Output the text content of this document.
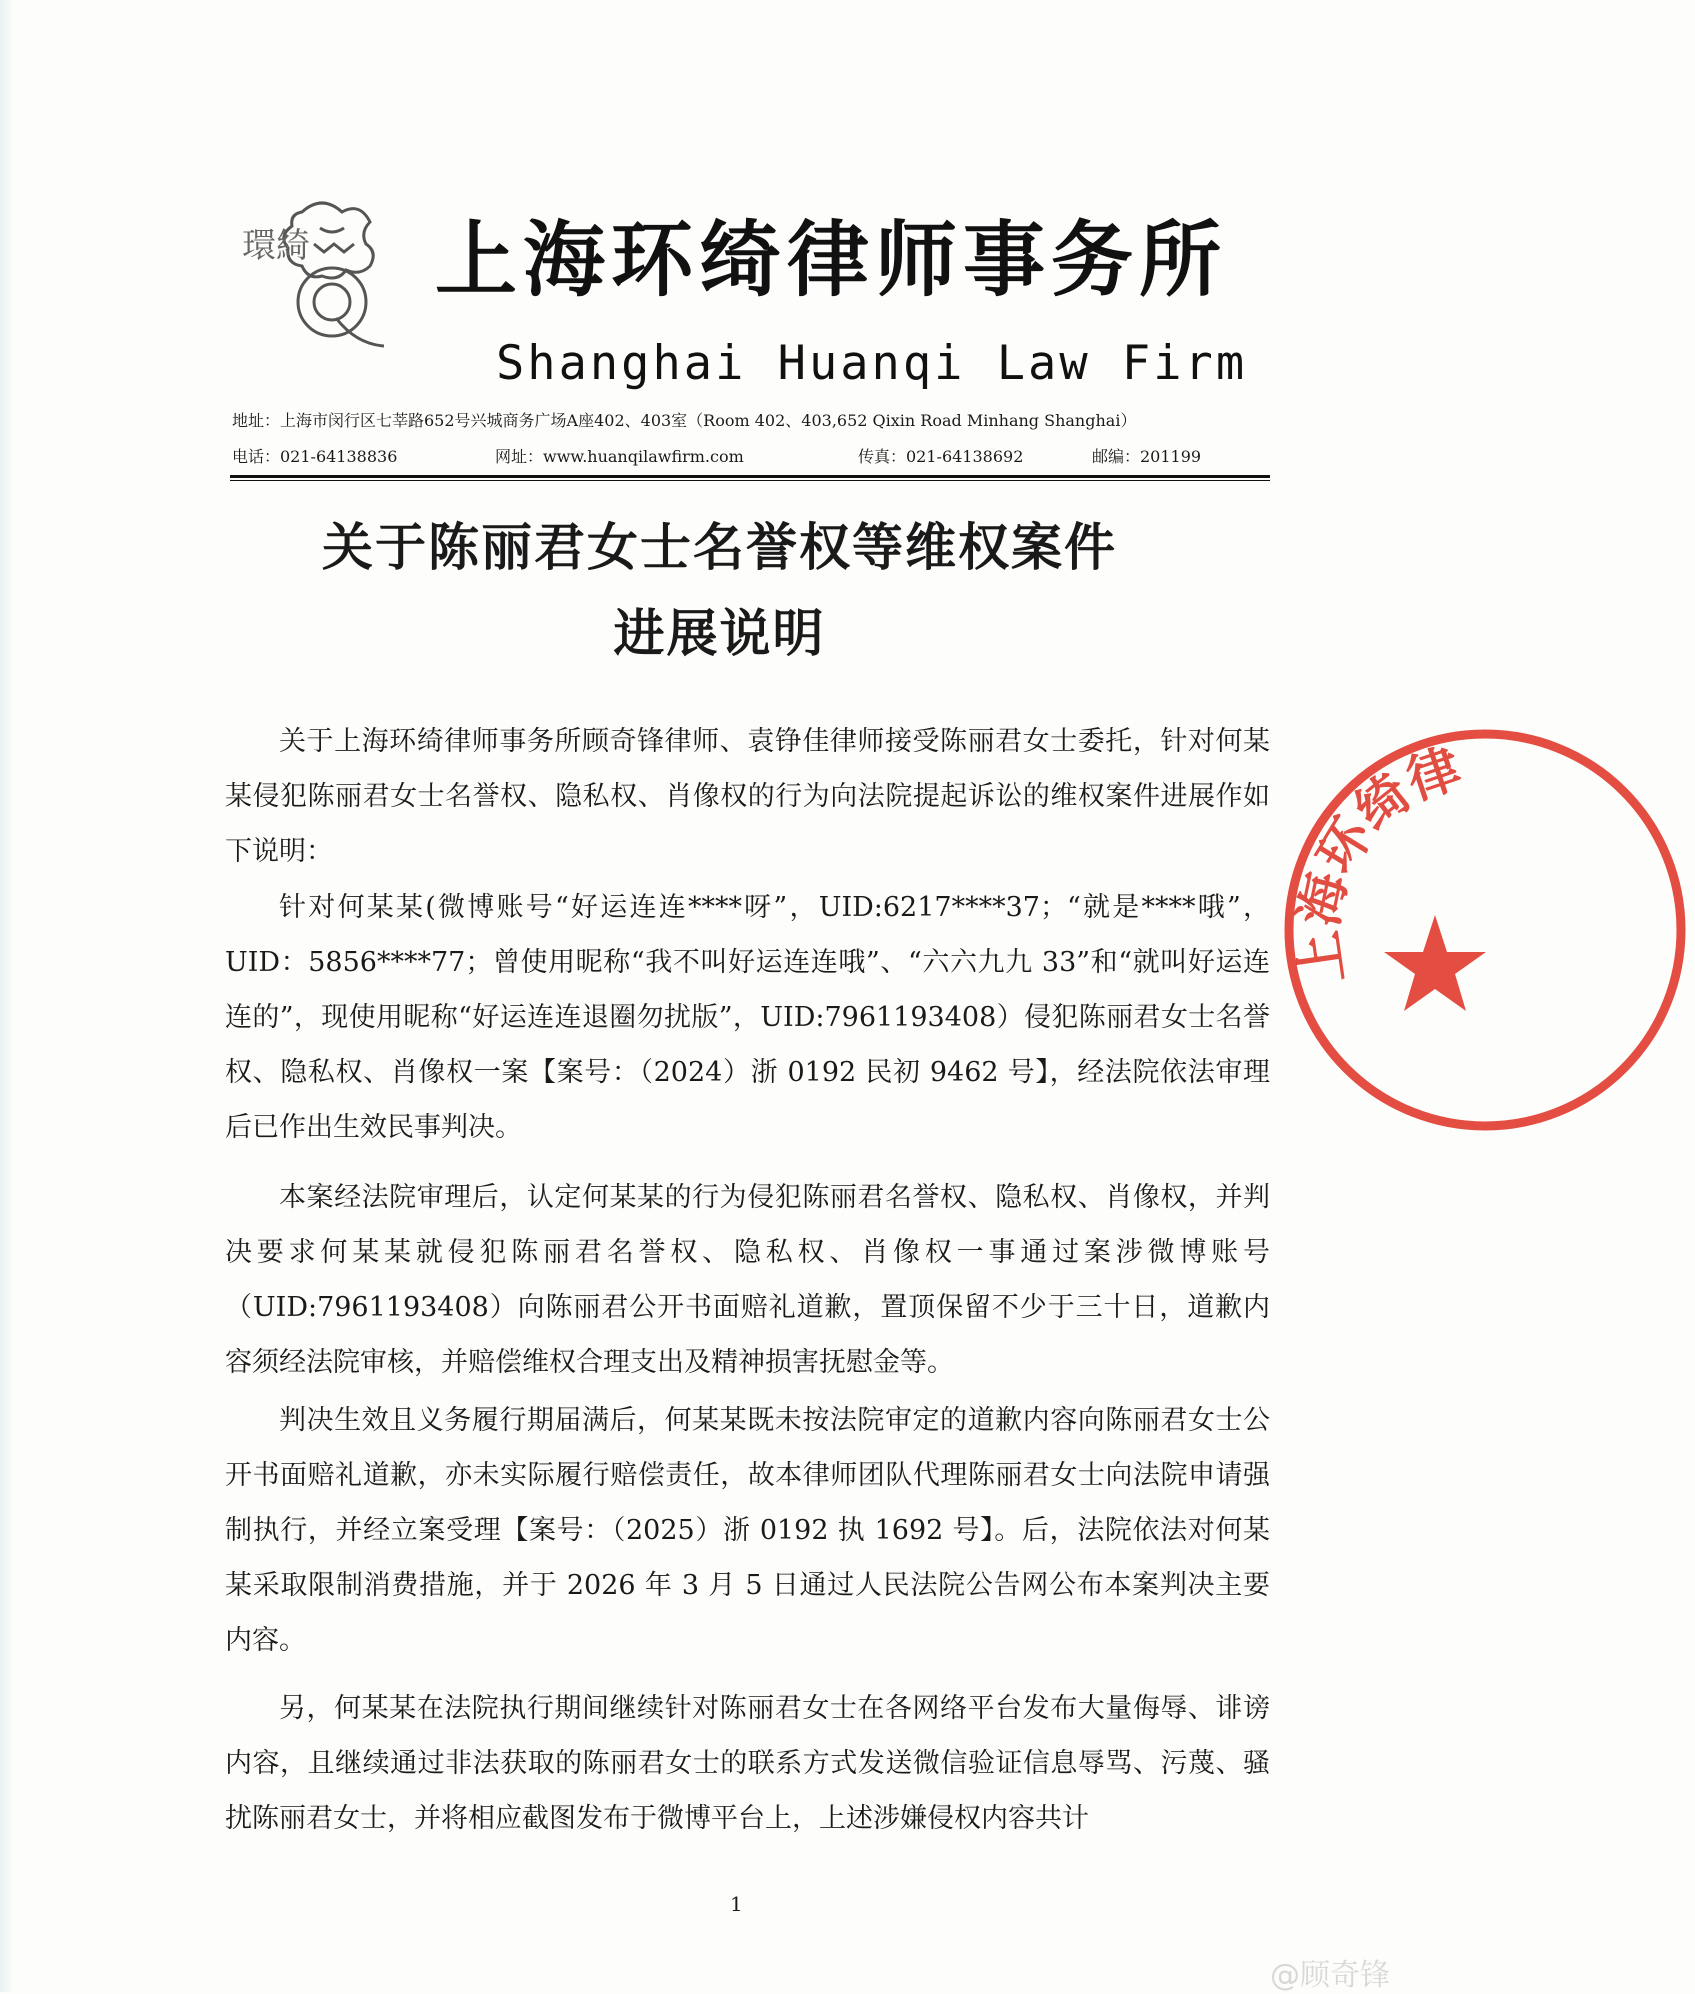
環綺 上海环绮律师事务所
Shanghai Huanqi Law Firm
地址：上海市闵行区七莘路652号兴城商务广场A座402、403室（Room 402、403,652 Qixin Road Minhang Shanghai）
电话：021-64138836	网址：www.huanqilawfirm.com	传真：021-64138692	邮编：201199
关于陈丽君女士名誉权等维权案件
进展说明

关于上海环绮律师事务所顾奇锋律师、袁铮佳律师接受陈丽君女士委托，针对何某某侵犯陈丽君女士名誉权、隐私权、肖像权的行为向法院提起诉讼的维权案件进展作如下说明：

针对何某某(微博账号“好运连连****呀”，UID:6217****37；“就是****哦”，UID：5856****77；曾使用昵称“我不叫好运连连哦”、“六六九九 33”和“就叫好运连连的”，现使用昵称“好运连连退圈勿扰版”，UID:7961193408）侵犯陈丽君女士名誉权、隐私权、肖像权一案【案号：（2024）浙 0192 民初 9462 号】，经法院依法审理后已作出生效民事判决。

本案经法院审理后，认定何某某的行为侵犯陈丽君名誉权、隐私权、肖像权，并判决要求何某某就侵犯陈丽君名誉权、隐私权、肖像权一事通过案涉微博账号（UID:7961193408）向陈丽君公开书面赔礼道歉，置顶保留不少于三十日，道歉内容须经法院审核，并赔偿维权合理支出及精神损害抚慰金等。

判决生效且义务履行期届满后，何某某既未按法院审定的道歉内容向陈丽君女士公开书面赔礼道歉，亦未实际履行赔偿责任，故本律师团队代理陈丽君女士向法院申请强制执行，并经立案受理【案号：（2025）浙 0192 执 1692 号】。后，法院依法对何某某采取限制消费措施，并于 2026 年 3 月 5 日通过人民法院公告网公布本案判决主要内容。

另，何某某在法院执行期间继续针对陈丽君女士在各网络平台发布大量侮辱、诽谤内容，且继续通过非法获取的陈丽君女士的联系方式发送微信验证信息辱骂、污蔑、骚扰陈丽君女士，并将相应截图发布于微博平台上，上述涉嫌侵权内容共计

1
上海环绮律
@顾奇锋
